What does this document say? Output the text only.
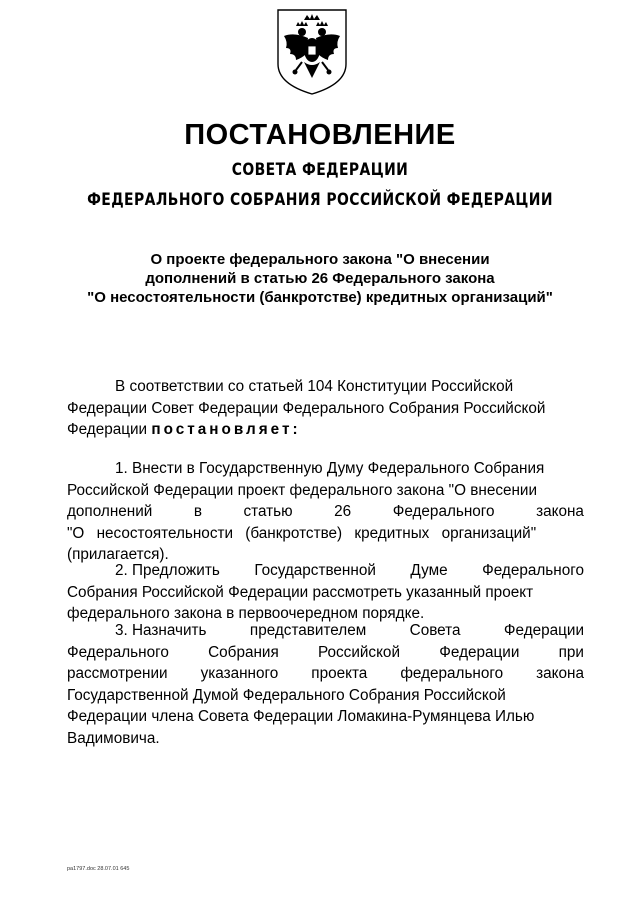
ПОСТАНОВЛЕНИЕ
СОВЕТА ФЕДЕРАЦИИ
ФЕДЕРАЛЬНОГО СОБРАНИЯ РОССИЙСКОЙ ФЕДЕРАЦИИ
О проекте федерального закона "О внесении
дополнений в статью 26 Федерального закона
"О несостоятельности (банкротстве) кредитных организаций"
В соответствии со статьей 104 Конституции Российской
Федерации Совет Федерации Федерального Собрания Российской
Федерации постановляет:
1. Внести в Государственную Думу Федерального Собрания
Российской Федерации проект федерального закона "О внесении
дополнений	в	статью	26	Федерального	закона
"О несостоятельности (банкротстве) кредитных организаций"
(прилагается).
2. Предложить Государственной Думе Федерального
Собрания Российской Федерации рассмотреть указанный проект
федерального закона в первоочередном порядке.
3. Назначить	представителем	Совета	Федерации
Федерального	Собрания	Российской	Федерации	при
рассмотрении указанного проекта федерального закона
Государственной Думой Федерального Собрания Российской
Федерации члена Совета Федерации Ломакина-Румянцева Илью
Вадимовича.
pa1797.doc 28.07.01 645
